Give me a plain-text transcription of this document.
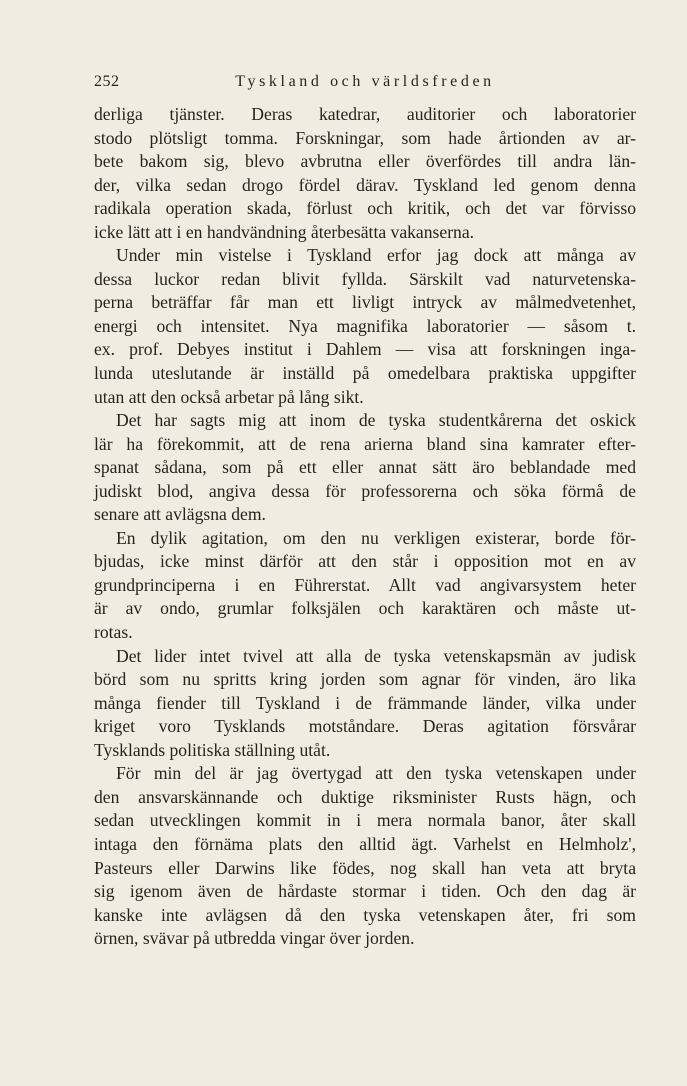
252	Tyskland och världsfreden
derliga tjänster. Deras katedrar, auditorier och laboratorier
stodo plötsligt tomma. Forskningar, som hade årtionden av ar-
bete bakom sig, blevo avbrutna eller överfördes till andra län-
der, vilka sedan drogo fördel därav. Tyskland led genom denna
radikala operation skada, förlust och kritik, och det var förvisso
icke lätt att i en handvändning återbesätta vakanserna.
Under min vistelse i Tyskland erfor jag dock att många av
dessa luckor redan blivit fyllda. Särskilt vad naturvetenska-
perna beträffar får man ett livligt intryck av målmedvetenhet,
energi och intensitet. Nya magnifika laboratorier — såsom t.
ex. prof. Debyes institut i Dahlem — visa att forskningen inga-
lunda uteslutande är inställd på omedelbara praktiska uppgifter
utan att den också arbetar på lång sikt.
Det har sagts mig att inom de tyska studentkårerna det oskick
lär ha förekommit, att de rena arierna bland sina kamrater efter-
spanat sådana, som på ett eller annat sätt äro beblandade med
judiskt blod, angiva dessa för professorerna och söka förmå de
senare att avlägsna dem.
En dylik agitation, om den nu verkligen existerar, borde för-
bjudas, icke minst därför att den står i opposition mot en av
grundprinciperna i en Führerstat. Allt vad angivarsystem heter
är av ondo, grumlar folksjälen och karaktären och måste ut-
rotas.
Det lider intet tvivel att alla de tyska vetenskapsmän av judisk
börd som nu spritts kring jorden som agnar för vinden, äro lika
många fiender till Tyskland i de främmande länder, vilka under
kriget voro Tysklands motståndare. Deras agitation försvårar
Tysklands politiska ställning utåt.
För min del är jag övertygad att den tyska vetenskapen under
den ansvarskännande och duktige riksminister Rusts hägn, och
sedan utvecklingen kommit in i mera normala banor, åter skall
intaga den förnäma plats den alltid ägt. Varhelst en Helmholz',
Pasteurs eller Darwins like födes, nog skall han veta att bryta
sig igenom även de hårdaste stormar i tiden. Och den dag är
kanske inte avlägsen då den tyska vetenskapen åter, fri som
örnen, svävar på utbredda vingar över jorden.
